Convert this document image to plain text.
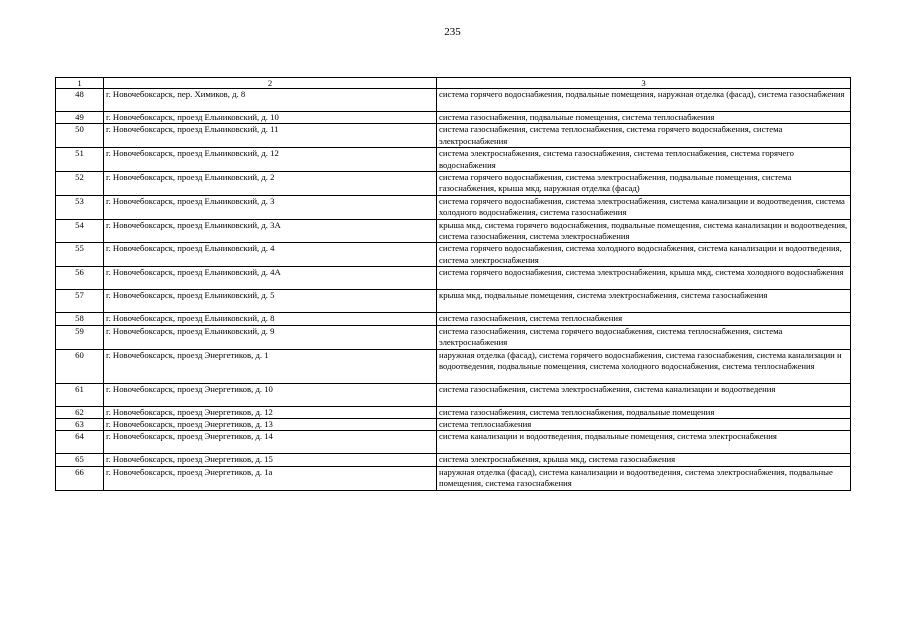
235
1	2	3
48	г. Новочебоксарск, пер. Химиков, д. 8	система горячего водоснабжения, подвальные помещения, наружная отделка (фасад), система газоснабжения
49	г. Новочебоксарск, проезд Ельниковский, д. 10	система газоснабжения, подвальные помещения, система теплоснабжения
50	г. Новочебоксарск, проезд Ельниковский, д. 11	система газоснабжения, система теплоснабжения, система горячего водоснабжения, система электроснабжения
51	г. Новочебоксарск, проезд Ельниковский, д. 12	система электроснабжения, система газоснабжения, система теплоснабжения, система горячего водоснабжения
52	г. Новочебоксарск, проезд Ельниковский, д. 2	система горячего водоснабжения, система электроснабжения, подвальные помещения, система газоснабжения, крыша мкд, наружная отделка (фасад)
53	г. Новочебоксарск, проезд Ельниковский, д. 3	система горячего водоснабжения, система электроснабжения, система канализации и водоотведения, система холодного водоснабжения, система газоснабжения
54	г. Новочебоксарск, проезд Ельниковский, д. 3А	крыша мкд, система горячего водоснабжения, подвальные помещения, система канализации и водоотведения, система газоснабжения, система электроснабжения
55	г. Новочебоксарск, проезд Ельниковский, д. 4	система горячего водоснабжения, система холодного водоснабжения, система канализации и водоотведения, система электроснабжения
56	г. Новочебоксарск, проезд Ельниковский, д. 4А	система горячего водоснабжения, система электроснабжения, крыша мкд, система холодного водоснабжения
57	г. Новочебоксарск, проезд Ельниковский, д. 5	крыша мкд, подвальные помещения, система электроснабжения, система газоснабжения
58	г. Новочебоксарск, проезд Ельниковский, д. 8	система газоснабжения, система теплоснабжения
59	г. Новочебоксарск, проезд Ельниковский, д. 9	система газоснабжения, система горячего водоснабжения, система теплоснабжения, система электроснабжения
60	г. Новочебоксарск, проезд Энергетиков, д. 1	наружная отделка (фасад), система горячего водоснабжения, система газоснабжения, система канализации и водоотведения, подвальные помещения, система холодного водоснабжения, система теплоснабжения
61	г. Новочебоксарск, проезд Энергетиков, д. 10	система газоснабжения, система электроснабжения, система канализации и водоотведения
62	г. Новочебоксарск, проезд Энергетиков, д. 12	система газоснабжения, система теплоснабжения, подвальные помещения
63	г. Новочебоксарск, проезд Энергетиков, д. 13	система теплоснабжения
64	г. Новочебоксарск, проезд Энергетиков, д. 14	система канализации и водоотведения, подвальные помещения, система электроснабжения
65	г. Новочебоксарск, проезд Энергетиков, д. 15	система электроснабжения, крыша мкд, система газоснабжения
66	г. Новочебоксарск, проезд Энергетиков, д. 1а	наружная отделка (фасад), система канализации и водоотведения, система электроснабжения, подвальные помещения, система газоснабжения
